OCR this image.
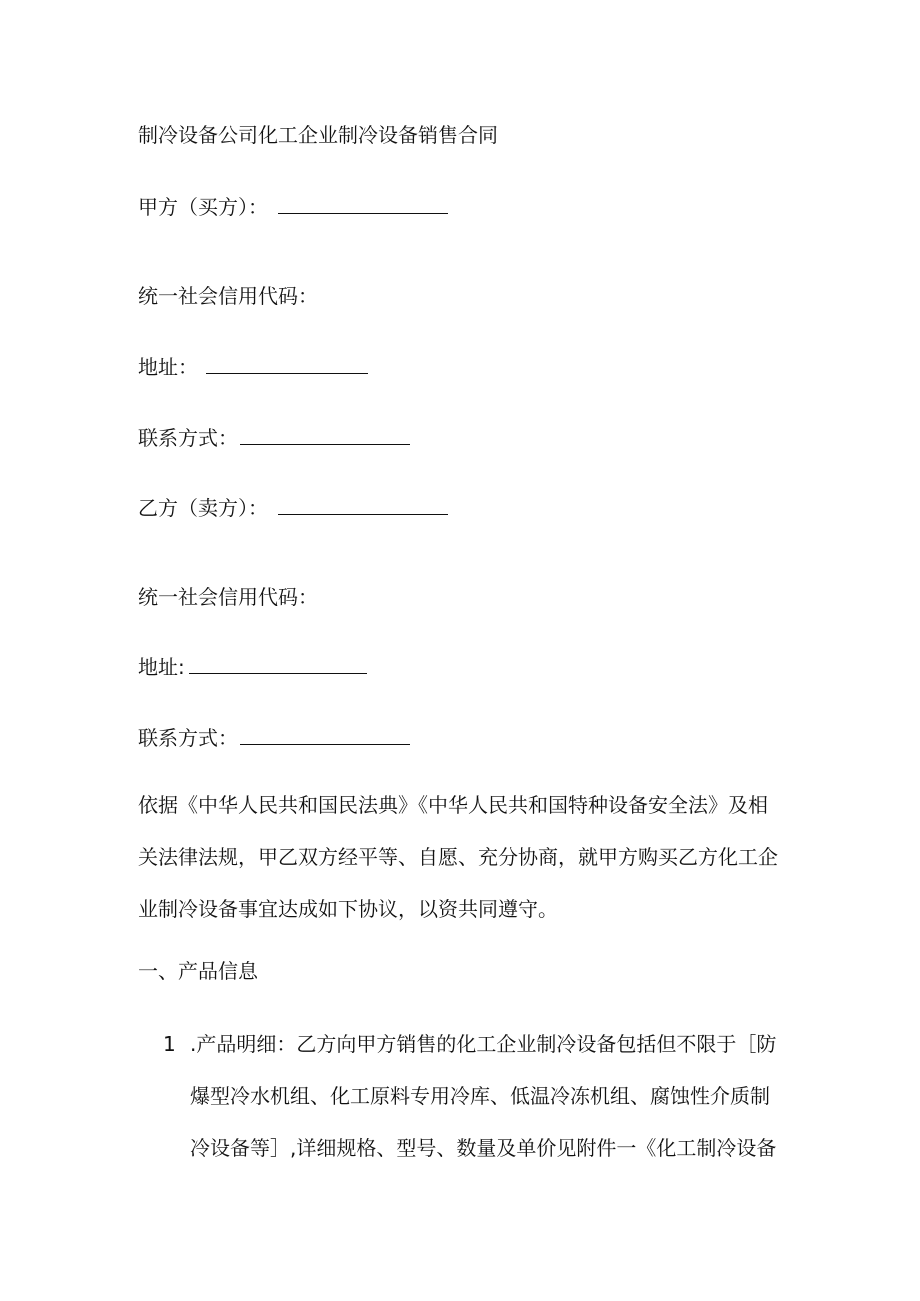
制冷设备公司化工企业制冷设备销售合同
甲方（买方）：
统一社会信用代码：
地址：
联系方式：
乙方（卖方）：
统一社会信用代码：
地址:
联系方式：
依据《中华人民共和国民法典》《中华人民共和国特种设备安全法》及相
关法律法规，甲乙双方经平等、自愿、充分协商，就甲方购买乙方化工企
业制冷设备事宜达成如下协议，以资共同遵守。
一、产品信息
1 .产品明细：乙方向甲方销售的化工企业制冷设备包括但不限于［防
爆型冷水机组、化工原料专用冷库、低温冷冻机组、腐蚀性介质制
冷设备等］,详细规格、型号、数量及单价见附件一《化工制冷设备
